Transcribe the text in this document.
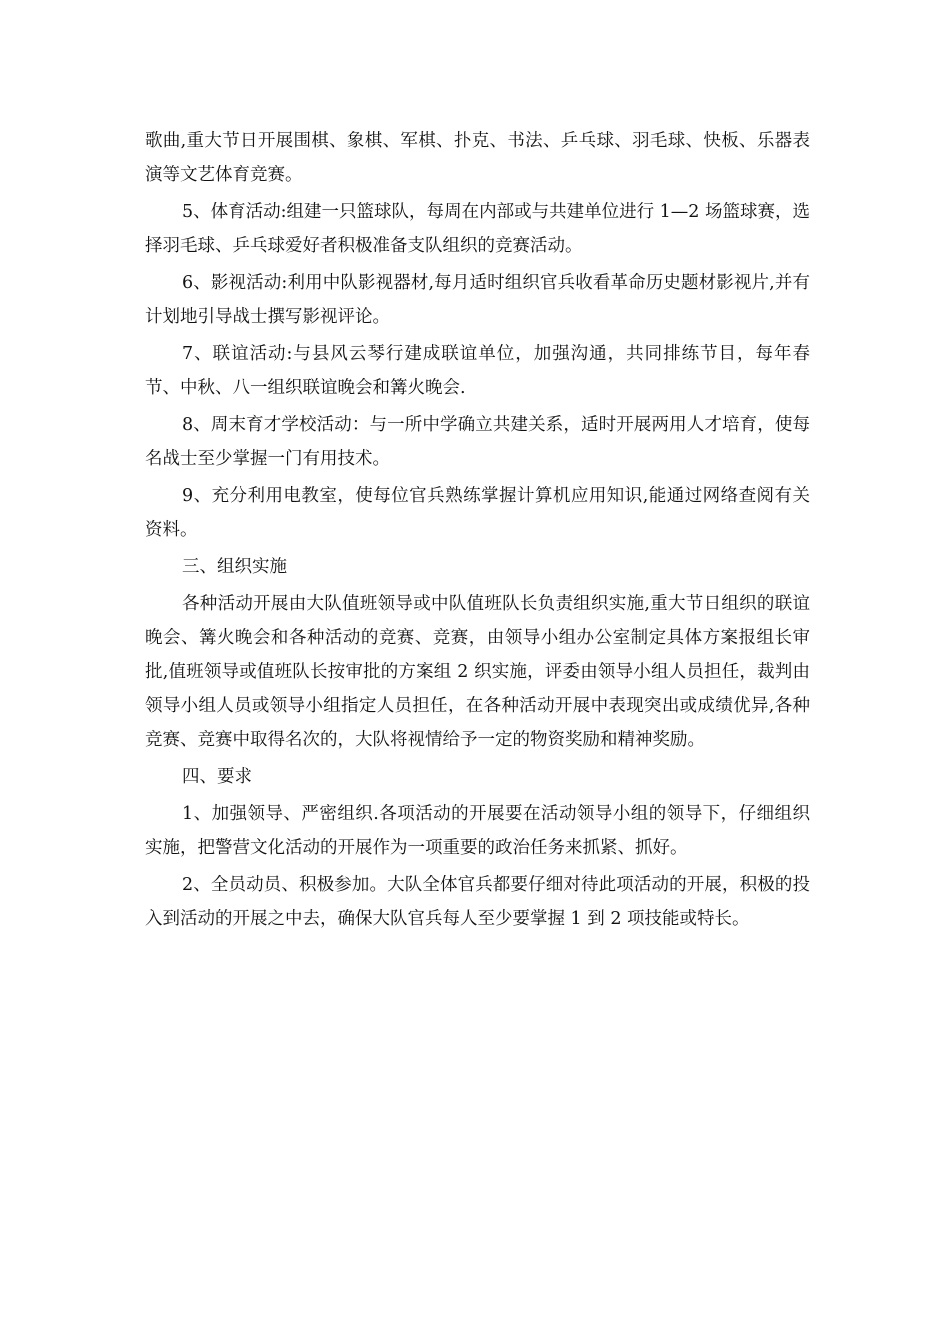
歌曲,重大节日开展围棋、象棋、军棋、扑克、书法、乒乓球、羽毛球、快板、乐器表演等文艺体育竞赛。

5、体育活动:组建一只篮球队，每周在内部或与共建单位进行 1—2 场篮球赛，选择羽毛球、乒乓球爱好者积极准备支队组织的竞赛活动。

6、影视活动:利用中队影视器材,每月适时组织官兵收看革命历史题材影视片,并有计划地引导战士撰写影视评论。

7、联谊活动:与县风云琴行建成联谊单位，加强沟通，共同排练节目，每年春节、中秋、八一组织联谊晚会和篝火晚会.

8、周末育才学校活动：与一所中学确立共建关系，适时开展两用人才培育，使每名战士至少掌握一门有用技术。

9、充分利用电教室，使每位官兵熟练掌握计算机应用知识,能通过网络查阅有关资料。

三、组织实施

各种活动开展由大队值班领导或中队值班队长负责组织实施,重大节日组织的联谊晚会、篝火晚会和各种活动的竞赛、竞赛，由领导小组办公室制定具体方案报组长审批,值班领导或值班队长按审批的方案组 2 织实施，评委由领导小组人员担任，裁判由领导小组人员或领导小组指定人员担任，在各种活动开展中表现突出或成绩优异,各种竞赛、竞赛中取得名次的，大队将视情给予一定的物资奖励和精神奖励。

四、要求

1、加强领导、严密组织.各项活动的开展要在活动领导小组的领导下，仔细组织实施，把警营文化活动的开展作为一项重要的政治任务来抓紧、抓好。

2、全员动员、积极参加。大队全体官兵都要仔细对待此项活动的开展，积极的投入到活动的开展之中去，确保大队官兵每人至少要掌握 1 到 2 项技能或特长。
